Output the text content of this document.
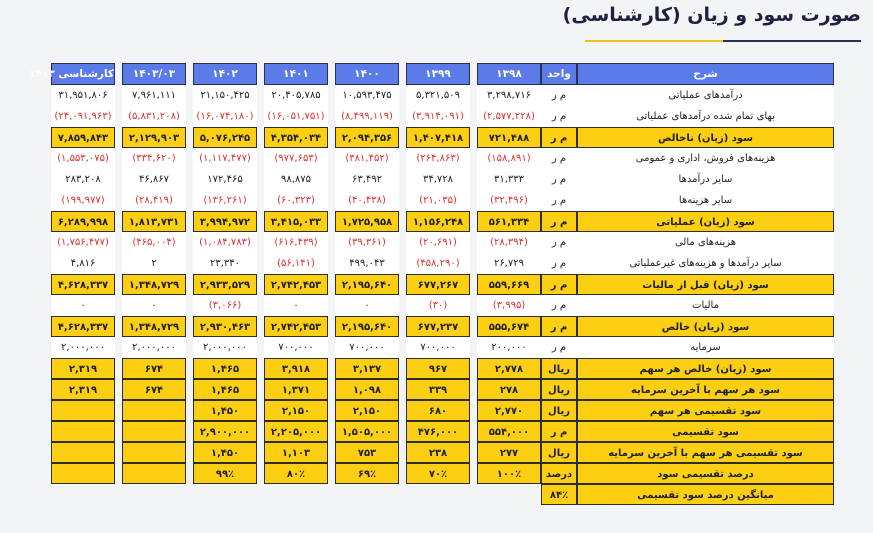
صورت سود و زیان (کارشناسی)
شرح
درآمدهای عملیاتی
بهای تمام شده درآمدهای عملیاتی
سود (زیان) ناخالص
هزینه‌های فروش، اداری و عمومی
سایر درآمدها
سایر هزینه‌ها
سود (زیان) عملیاتی
هزینه‌های مالی
سایر درآمدها و هزینه‌های غیرعملیاتی
سود (زیان) قبل از مالیات
مالیات
سود (زیان) خالص
سرمایه
سود (زیان) خالص هر سهم
سود هر سهم با آخرین سرمایه
سود تقسیمی هر سهم
سود تقسیمی
سود تقسیمی هر سهم با آخرین سرمایه
درصد تقسیمی سود
میانگین درصد سود تقسیمی
واحد
م ر
م ر
م ر
م ر
م ر
م ر
م ر
م ر
م ر
م ر
م ر
م ر
م ر
ریال
ریال
ریال
م ر
ریال
درصد
۸۴٪
۱۳۹۸
۳,۲۹۸,۷۱۶
(۲,۵۷۷,۲۲۸)
۷۲۱,۴۸۸
(۱۵۸,۸۹۱)
۳۱,۳۳۳
(۳۲,۴۹۶)
۵۶۱,۳۳۴
(۲۸,۳۹۴)
۲۶,۷۲۹
۵۵۹,۶۶۹
(۳,۹۹۵)
۵۵۵,۶۷۴
۲۰۰,۰۰۰
۲,۷۷۸
۲۷۸
۲,۷۷۰
۵۵۴,۰۰۰
۲۷۷
۱۰۰٪
۱۳۹۹
۵,۳۲۱,۵۰۹
(۳,۹۱۴,۰۹۱)
۱,۴۰۷,۴۱۸
(۲۶۴,۸۶۳)
۳۴,۷۲۸
(۲۱,۰۳۵)
۱,۱۵۶,۲۴۸
(۲۰,۶۹۱)
(۴۵۸,۲۹۰)
۶۷۷,۲۶۷
(۳۰)
۶۷۷,۲۳۷
۷۰۰,۰۰۰
۹۶۷
۳۳۹
۶۸۰
۴۷۶,۰۰۰
۲۳۸
۷۰٪
۱۴۰۰
۱۰,۵۹۳,۴۷۵
(۸,۴۹۹,۱۱۹)
۲,۰۹۴,۳۵۶
(۳۸۱,۴۵۲)
۶۳,۴۹۲
(۴۰,۴۳۸)
۱,۷۲۵,۹۵۸
(۳۹,۳۶۱)
۴۹۹,۰۴۳
۲,۱۹۵,۶۴۰
۰
۲,۱۹۵,۶۴۰
۷۰۰,۰۰۰
۳,۱۳۷
۱,۰۹۸
۲,۱۵۰
۱,۵۰۵,۰۰۰
۷۵۳
۶۹٪
۱۴۰۱
۲۰,۴۰۵,۷۸۵
(۱۶,۰۵۱,۷۵۱)
۴,۳۵۴,۰۳۴
(۹۷۷,۶۵۳)
۹۸,۸۷۵
(۶۰,۳۲۳)
۳,۴۱۵,۰۳۳
(۶۱۶,۴۳۹)
(۵۶,۱۴۱)
۲,۷۴۲,۴۵۳
۰
۲,۷۴۲,۴۵۳
۷۰۰,۰۰۰
۳,۹۱۸
۱,۳۷۱
۲,۱۵۰
۲,۲۰۵,۰۰۰
۱,۱۰۳
۸۰٪
۱۴۰۲
۲۱,۱۵۰,۴۲۵
(۱۶,۰۷۴,۱۸۰)
۵,۰۷۶,۲۴۵
(۱,۱۱۷,۴۷۷)
۱۷۲,۴۶۵
(۱۳۶,۲۶۱)
۳,۹۹۴,۹۷۲
(۱,۰۸۴,۷۸۳)
۲۳,۳۴۰
۲,۹۳۳,۵۲۹
(۳,۰۶۶)
۲,۹۳۰,۴۶۳
۲,۰۰۰,۰۰۰
۱,۴۶۵
۱,۴۶۵
۱,۴۵۰
۲,۹۰۰,۰۰۰
۱,۴۵۰
۹۹٪
۱۴۰۳/۰۳
۷,۹۶۱,۱۱۱
(۵,۸۳۱,۲۰۸)
۲,۱۲۹,۹۰۳
(۳۳۴,۶۲۰)
۴۶,۸۶۷
(۲۸,۴۱۹)
۱,۸۱۳,۷۳۱
(۴۶۵,۰۰۴)
۲
۱,۳۴۸,۷۲۹
۰
۱,۳۴۸,۷۲۹
۲,۰۰۰,۰۰۰
۶۷۴
۶۷۴
کارشناسی ۱۴۰۳
۳۱,۹۵۱,۸۰۶
(۲۴,۰۹۱,۹۶۳)
۷,۸۵۹,۸۴۳
(۱,۵۵۳,۰۷۵)
۲۸۳,۲۰۸
(۱۹۹,۹۷۷)
۶,۲۸۹,۹۹۸
(۱,۷۵۶,۴۷۷)
۴,۸۱۶
۴,۶۲۸,۳۳۷
۰
۴,۶۲۸,۳۳۷
۲,۰۰۰,۰۰۰
۲,۳۱۹
۲,۳۱۹
